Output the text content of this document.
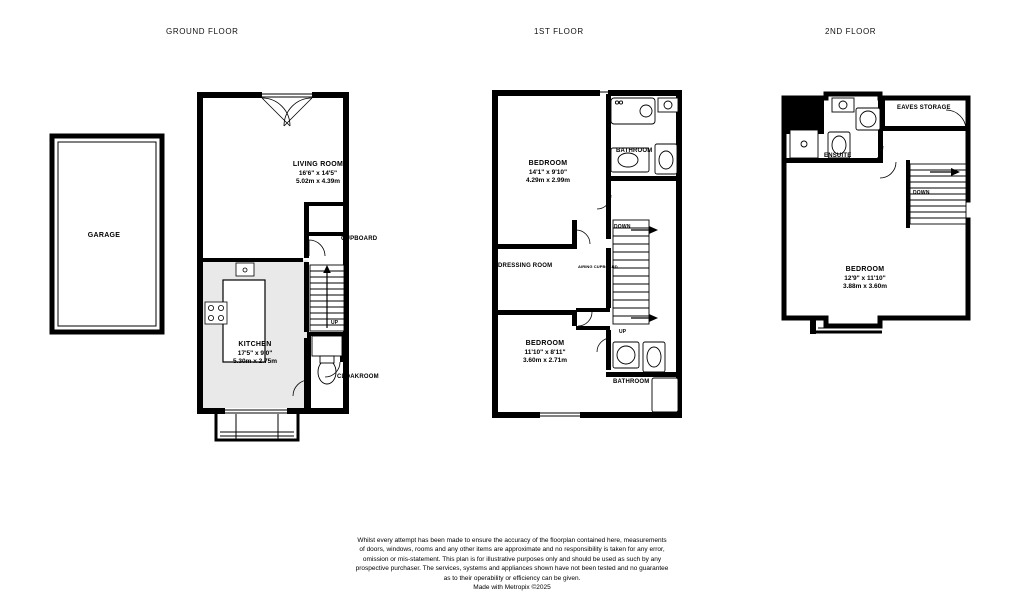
GROUND FLOOR	1ST FLOOR	2ND FLOOR
GARAGE
LIVING ROOM
16'6" x 14'5"
5.02m x 4.39m
KITCHEN
17'5" x 9'0"
5.30m x 2.75m
CUPBOARD
CLOAKROOM
UP
BEDROOM
14'1" x 9'10"
4.29m x 2.99m
BEDROOM
11'10" x 8'11"
3.60m x 2.71m
BATHROOM
BATHROOM
DRESSING ROOM	AIRING CUPBOARD
DOWN
UP
EAVES STORAGE
ENSUITE
DOWN
BEDROOM
12'9" x 11'10"
3.88m x 3.60m
Whilst every attempt has been made to ensure the accuracy of the floorplan contained here, measurements
of doors, windows, rooms and any other items are approximate and no responsibility is taken for any error,
omission or mis-statement. This plan is for illustrative purposes only and should be used as such by any
prospective purchaser. The services, systems and appliances shown have not been tested and no guarantee
as to their operability or efficiency can be given.
Made with Metropix ©2025
